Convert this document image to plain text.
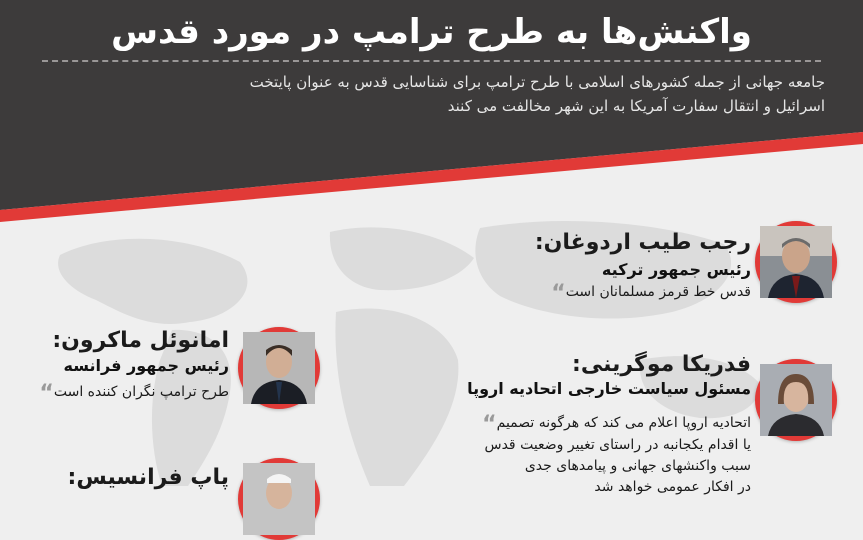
واکنش‌ها به طرح ترامپ در مورد قدس
جامعه جهانی از جمله کشورهای اسلامی با طرح ترامپ برای شناسایی قدس به عنوان پایتخت
اسرائیل و انتقال سفارت آمریکا به این شهر مخالفت می کنند
رجب طیب اردوغان:
رئیس جمهور ترکیه
قدس خط قرمز مسلمانان است“
امانوئل ماکرون:
رئیس جمهور فرانسه
طرح ترامپ نگران کننده است“
فدریکا موگرینی:
مسئول سیاست خارجی اتحادیه اروپا
اتحادیه اروپا اعلام می کند که هرگونه تصمیم“
یا اقدام یکجانبه در راستای تغییر وضعیت قدس
سبب واکنشهای جهانی و پیامدهای جدی
در افکار عمومی خواهد شد
پاپ فرانسیس:
